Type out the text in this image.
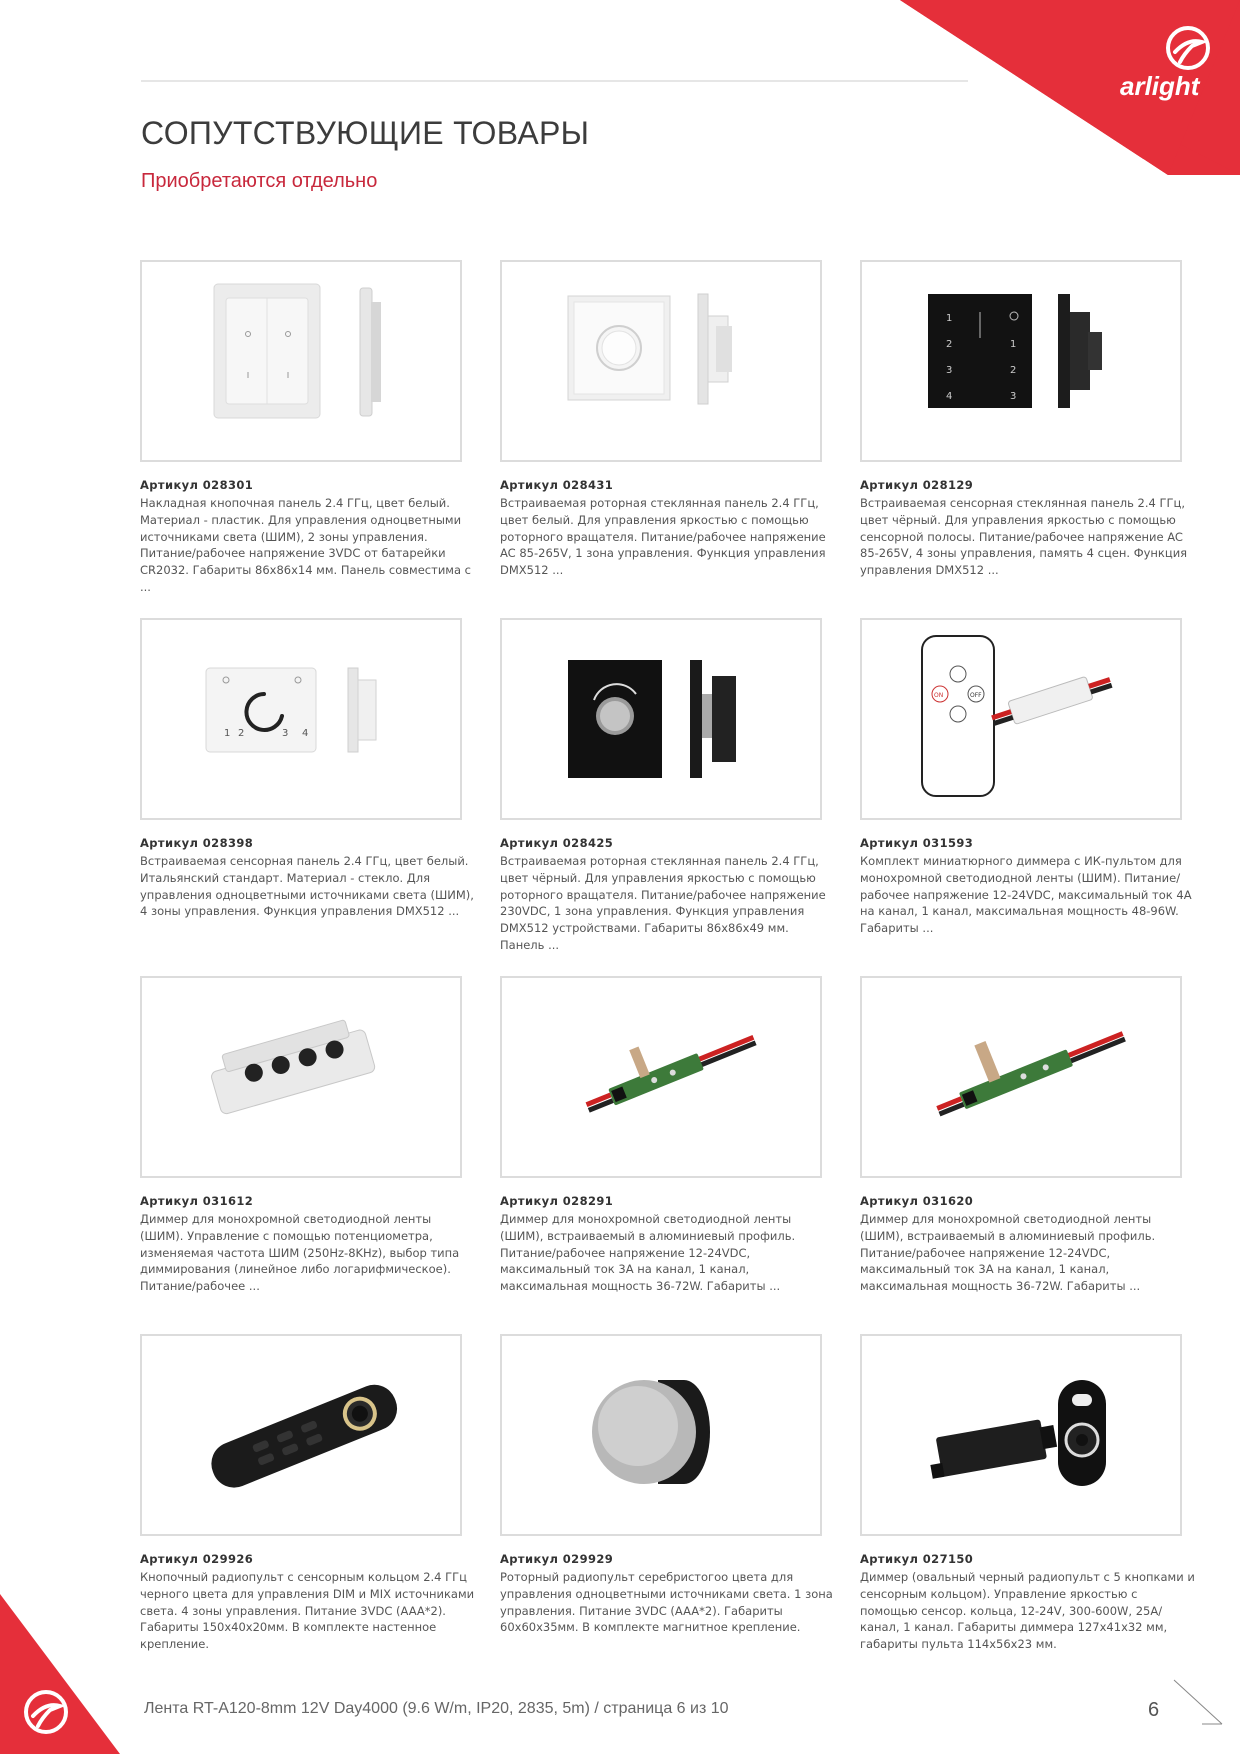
arlight
СОПУТСТВУЮЩИЕ ТОВАРЫ
Приобретаются отдельно
Артикул 028301
Накладная кнопочная панель 2.4 ГГц, цвет белый. Материал - пластик. Для управления одноцветными источниками света (ШИМ), 2 зоны управления. Питание/рабочее напряжение 3VDC от батарейки CR2032. Габариты 86х86х14 мм. Панель совместима с ...
Артикул 028431
Встраиваемая роторная стеклянная панель 2.4 ГГц, цвет белый. Для управления яркостью с помощью роторного вращателя. Питание/рабочее напряжение AC 85-265V, 1 зона управления. Функция управления DMX512 ...
1
2
3
4
1
2
3
Артикул 028129
Встраиваемая сенсорная стеклянная панель 2.4 ГГц, цвет чёрный. Для управления яркостью с помощью сенсорной полосы. Питание/рабочее напряжение AC 85-265V, 4 зоны управления, память 4 сцен. Функция управления DMX512 ...
1 2	3 4
Артикул 028398
Встраиваемая сенсорная панель 2.4 ГГц, цвет белый. Итальянский стандарт. Материал - стекло. Для управления одноцветными источниками света (ШИМ), 4 зоны управления. Функция управления DMX512 ...
Артикул 028425
Встраиваемая роторная стеклянная панель 2.4 ГГц, цвет чёрный. Для управления яркостью с помощью роторного вращателя. Питание/рабочее напряжение 230VDC, 1 зона управления. Функция управления DMX512 устройствами. Габариты 86х86х49 мм. Панель ...
ON	OFF
Артикул 031593
Комплект миниатюрного диммера с ИК-пультом для монохромной светодиодной ленты (ШИМ). Питание/рабочее напряжение 12-24VDC, максимальный ток 4А на канал, 1 канал, максимальная мощность 48-96W. Габариты ...
Артикул 031612
Диммер для монохромной светодиодной ленты (ШИМ). Управление с помощью потенциометра, изменяемая частота ШИМ (250Hz-8KHz), выбор типа диммирования (линейное либо логарифмическое). Питание/рабочее ...
Артикул 028291
Диммер для монохромной светодиодной ленты (ШИМ), встраиваемый в алюминиевый профиль. Питание/рабочее напряжение 12-24VDC, максимальный ток 3А на канал, 1 канал, максимальная мощность 36-72W. Габариты ...
Артикул 031620
Диммер для монохромной светодиодной ленты (ШИМ), встраиваемый в алюминиевый профиль. Питание/рабочее напряжение 12-24VDC, максимальный ток 3А на канал, 1 канал, максимальная мощность 36-72W. Габариты ...
Артикул 029926
Кнопочный радиопульт с сенсорным кольцом 2.4 ГГц черного цвета для управления DIM и MIX источниками света. 4 зоны управления. Питание 3VDC (AAA*2). Габариты 150х40х20мм. В комплекте настенное крепление.
Артикул 029929
Роторный радиопульт серебристогоо цвета для управления одноцветными источниками света. 1 зона управления. Питание 3VDC (AAA*2). Габариты 60х60х35мм. В комплекте магнитное крепление.
Артикул 027150
Диммер (овальный черный радиопульт с 5 кнопками и сенсорным кольцом). Управление яркостью с помощью сенсор. кольца, 12-24V, 300-600W, 25А/канал, 1 канал. Габариты диммера 127х41х32 мм, габариты пульта 114х56х23 мм.
Лента RT-A120-8mm 12V Day4000 (9.6 W/m, IP20, 2835, 5m) / страница 6 из 10	6
